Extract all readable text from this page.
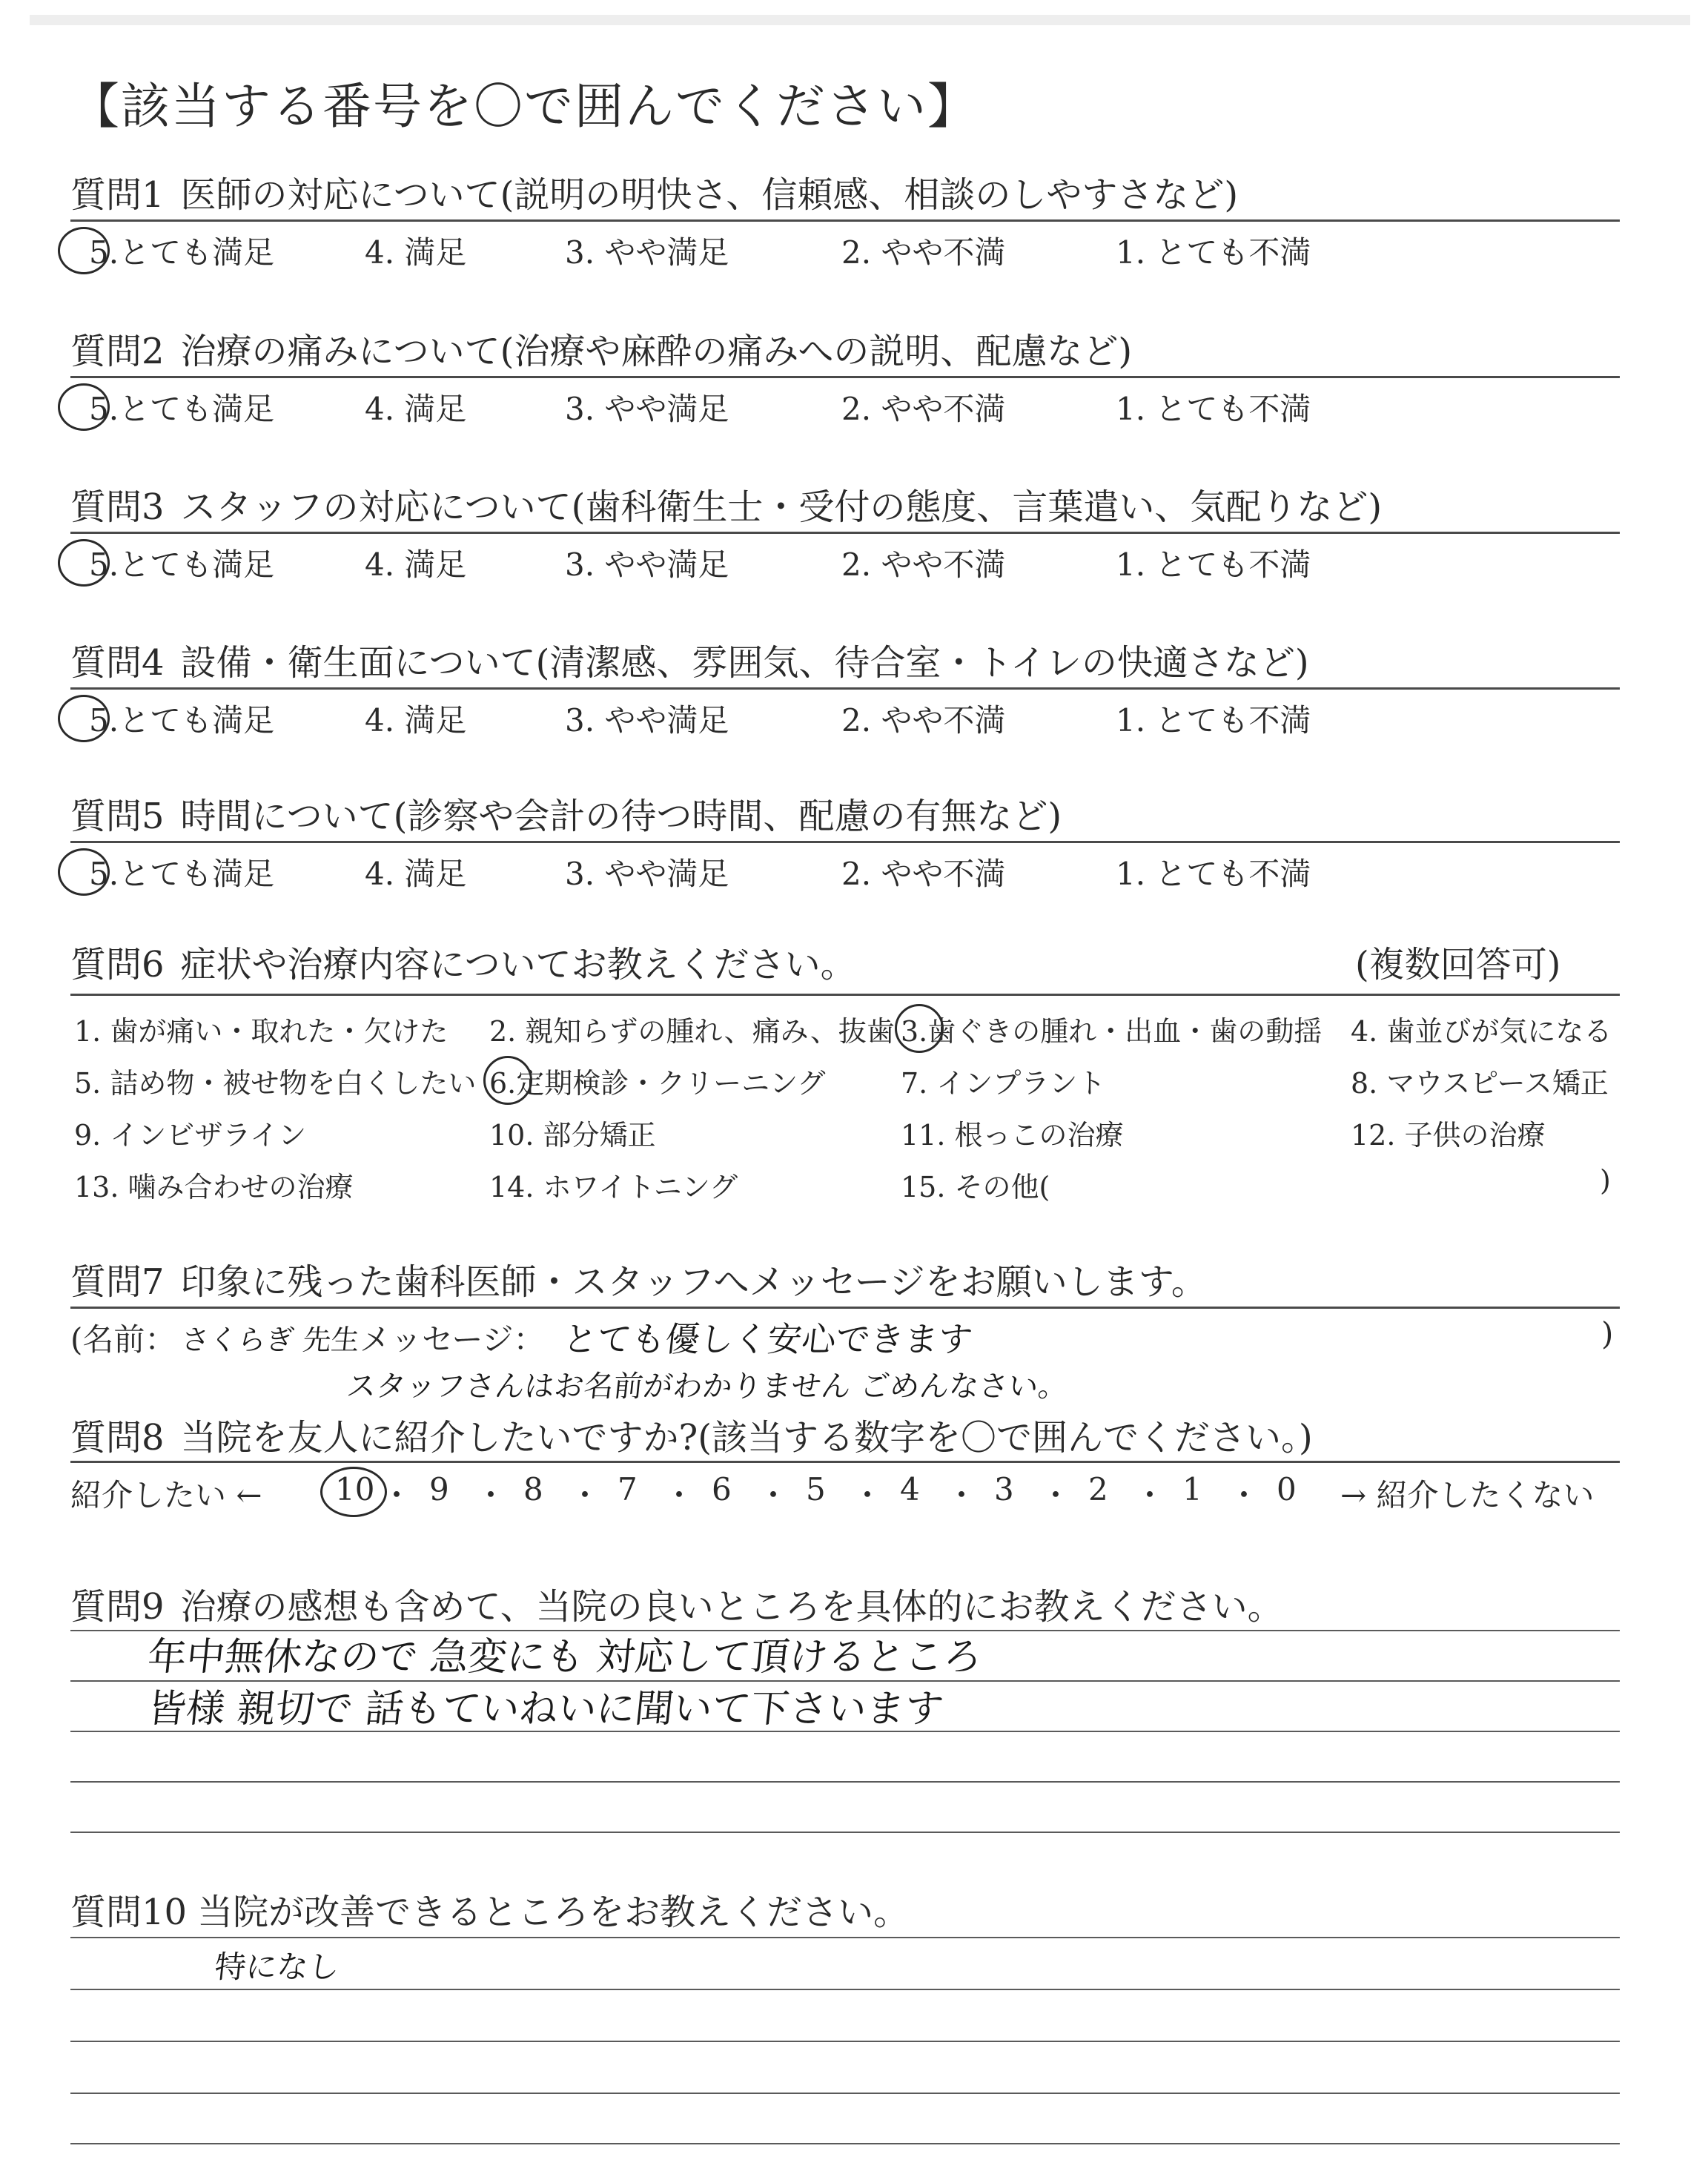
【該当する番号を〇で囲んでください】
質問1 医師の対応について(説明の明快さ、信頼感、相談のしやすさなど)
5.とても満足	4. 満足	3. やや満足	2. やや不満	1. とても不満
質問2 治療の痛みについて(治療や麻酔の痛みへの説明、配慮など)
5.とても満足	4. 満足	3. やや満足	2. やや不満	1. とても不満
質問3 スタッフの対応について(歯科衛生士・受付の態度、言葉遣い、気配りなど)
5.とても満足	4. 満足	3. やや満足	2. やや不満	1. とても不満
質問4 設備・衛生面について(清潔感、雰囲気、待合室・トイレの快適さなど)
5.とても満足	4. 満足	3. やや満足	2. やや不満	1. とても不満
質問5 時間について(診察や会計の待つ時間、配慮の有無など)
5.とても満足	4. 満足	3. やや満足	2. やや不満	1. とても不満
質問6 症状や治療内容についてお教えください。	(複数回答可)
1. 歯が痛い・取れた・欠けた 2. 親知らずの腫れ、痛み、抜歯 3.歯ぐきの腫れ・出血・歯の動揺 4. 歯並びが気になる
5. 詰め物・被せ物を白くしたい 6.定期検診・クリーニング	7. インプラント	8. マウスピース矯正
9. インビザライン	10. 部分矯正	11. 根っこの治療	12. 子供の治療
13. 噛み合わせの治療	14. ホワイトニング	15. その他(	)
質問7 印象に残った歯科医師・スタッフへメッセージをお願いします。
(名前： さくらぎ 先生
メッセージ： とても優しく安心できます	)
スタッフさんはお名前がわかりません ごめんなさい。
質問8 当院を友人に紹介したいですか?(該当する数字を〇で囲んでください。)
紹介したい ←	→ 紹介したくない
10 ・ 9 ・ 8 ・ 7 ・ 6 ・ 5 ・ 4 ・ 3 ・ 2 ・ 1 ・ 0
質問9 治療の感想も含めて、当院の良いところを具体的にお教えください。
年中無休なので 急変にも 対応して頂けるところ
皆様 親切で 話もていねいに聞いて下さいます
質問10 当院が改善できるところをお教えください。
特になし
